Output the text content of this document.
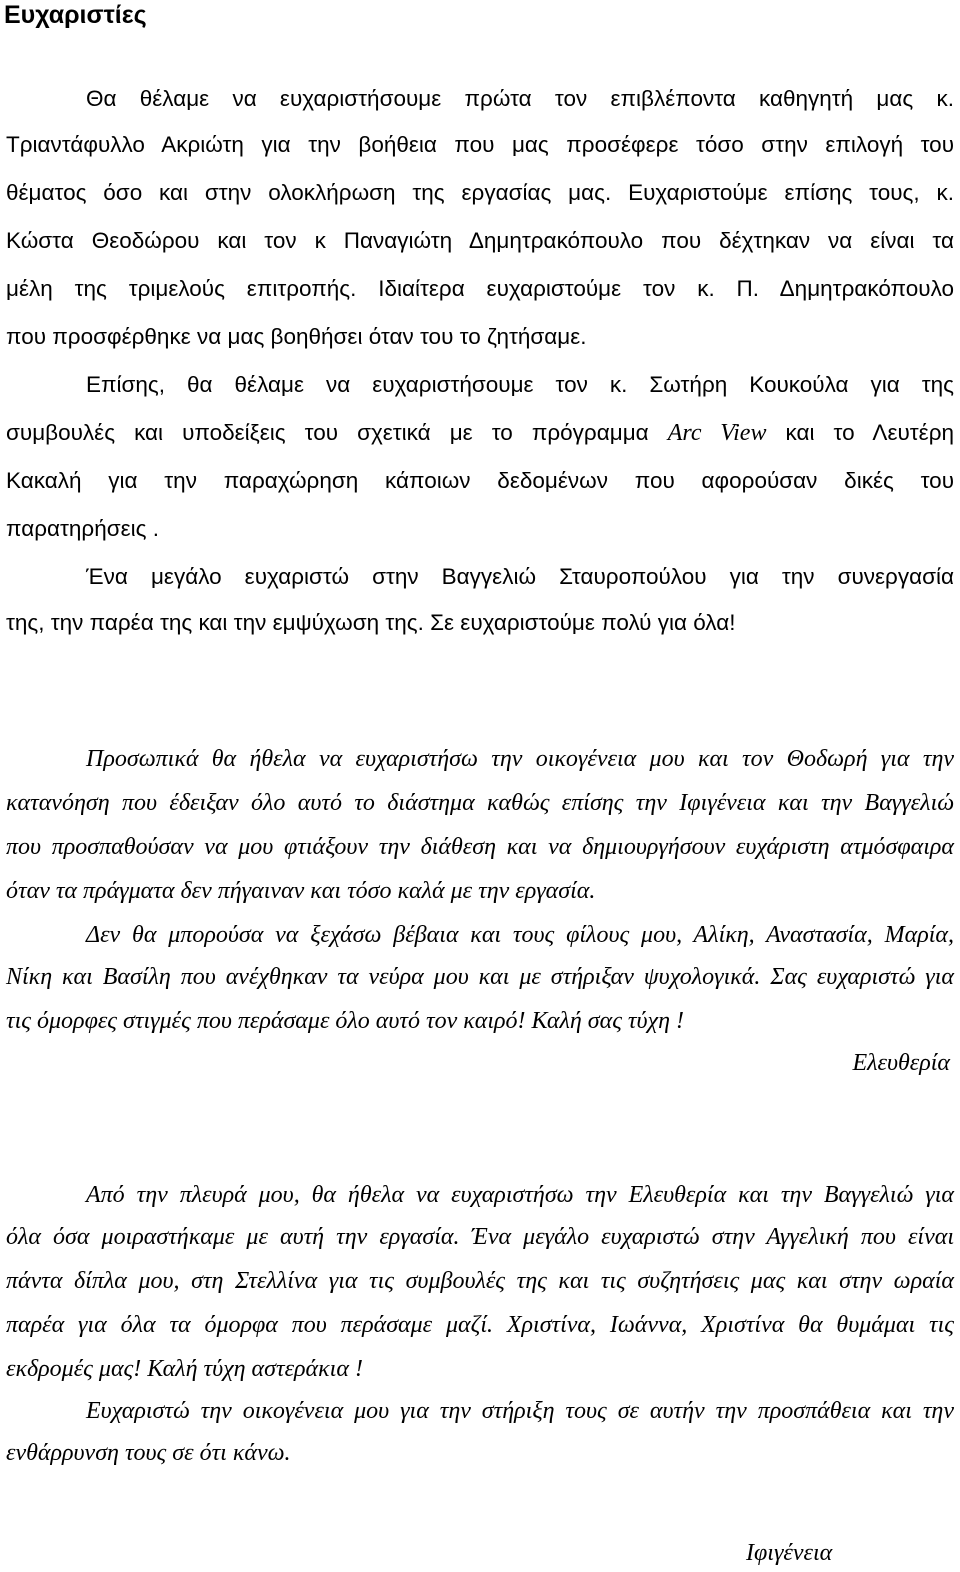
Ευχαριστίες

Θα θέλαμε να ευχαριστήσουμε πρώτα τον επιβλέποντα καθηγητή μας κ.

Τριαντάφυλλο Ακριώτη για την βοήθεια που μας προσέφερε τόσο στην επιλογή του

θέματος όσο και στην ολοκλήρωση της εργασίας μας. Ευχαριστούμε επίσης τους, κ.

Κώστα Θεοδώρου και τον κ Παναγιώτη Δημητρακόπουλο που δέχτηκαν να είναι τα

μέλη της τριμελούς επιτροπής. Ιδιαίτερα ευχαριστούμε τον κ. Π. Δημητρακόπουλο

που προσφέρθηκε να μας βοηθήσει όταν του το ζητήσαμε.

Επίσης, θα θέλαμε να ευχαριστήσουμε τον κ. Σωτήρη Κουκούλα για της

συμβουλές και υποδείξεις του σχετικά με το πρόγραμμα Arc View και το Λευτέρη

Κακαλή για την παραχώρηση κάποιων δεδομένων που αφορούσαν δικές του

παρατηρήσεις .

Ένα μεγάλο ευχαριστώ στην Βαγγελιώ Σταυροπούλου για την συνεργασία

της, την παρέα της και την εμψύχωση της. Σε ευχαριστούμε πολύ για όλα!

Προσωπικά θα ήθελα να ευχαριστήσω την οικογένεια μου και τον Θοδωρή για την

κατανόηση που έδειξαν όλο αυτό το διάστημα καθώς επίσης την Ιφιγένεια και την Βαγγελιώ

που προσπαθούσαν να μου φτιάξουν την διάθεση και να δημιουργήσουν ευχάριστη ατμόσφαιρα

όταν τα πράγματα δεν πήγαιναν και τόσο καλά με την εργασία.

Δεν θα μπορούσα να ξεχάσω βέβαια και τους φίλους μου, Αλίκη, Αναστασία, Μαρία,

Νίκη και Βασίλη που ανέχθηκαν τα νεύρα μου και με στήριξαν ψυχολογικά. Σας ευχαριστώ για

τις όμορφες στιγμές που περάσαμε όλο αυτό τον καιρό! Καλή σας τύχη !

Ελευθερία

Από την πλευρά μου, θα ήθελα να ευχαριστήσω την Ελευθερία και την Βαγγελιώ για

όλα όσα μοιραστήκαμε με αυτή την εργασία. Ένα μεγάλο ευχαριστώ στην Αγγελική που είναι

πάντα δίπλα μου, στη Στελλίνα για τις συμβουλές της και τις συζητήσεις μας και στην ωραία

παρέα για όλα τα όμορφα που περάσαμε μαζί. Χριστίνα, Ιωάννα, Χριστίνα θα θυμάμαι τις

εκδρομές μας! Καλή τύχη αστεράκια !

Ευχαριστώ την οικογένεια μου για την στήριξη τους σε αυτήν την προσπάθεια και την

ενθάρρυνση τους σε ότι κάνω.

Ιφιγένεια
